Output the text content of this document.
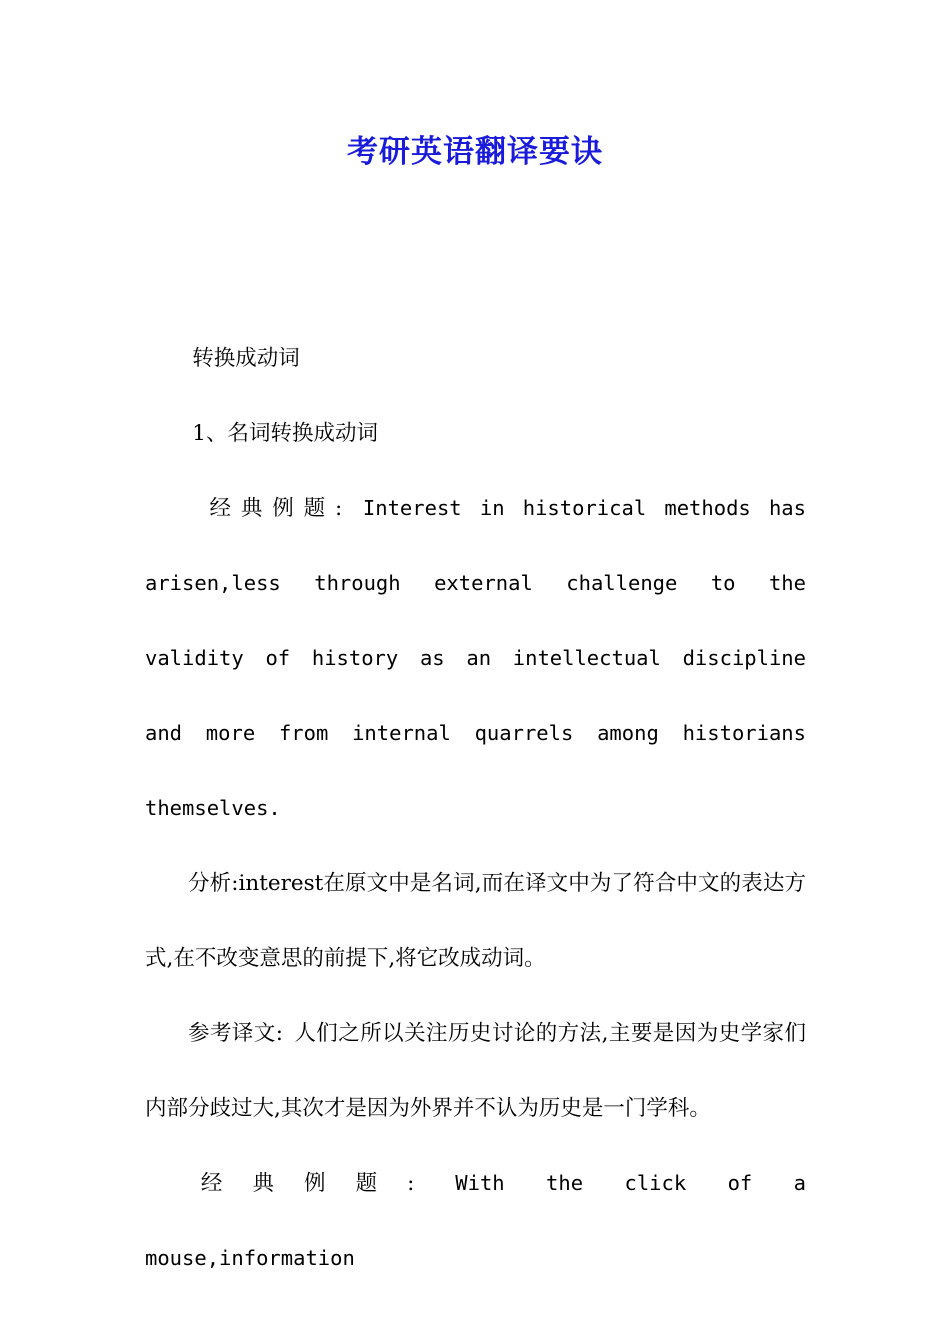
考研英语翻译要诀

转换成动词

1、名词转换成动词

经典例题: Interest in historical methods has arisen,less through external challenge to the validity of history as an intellectual discipline and more from internal quarrels among historians themselves.

分析:interest在原文中是名词,而在译文中为了符合中文的表达方式,在不改变意思的前提下,将它改成动词。

参考译文: 人们之所以关注历史讨论的方法,主要是因为史学家们内部分歧过大,其次才是因为外界并不认为历史是一门学科。

经典例题: With the click of a mouse,information
